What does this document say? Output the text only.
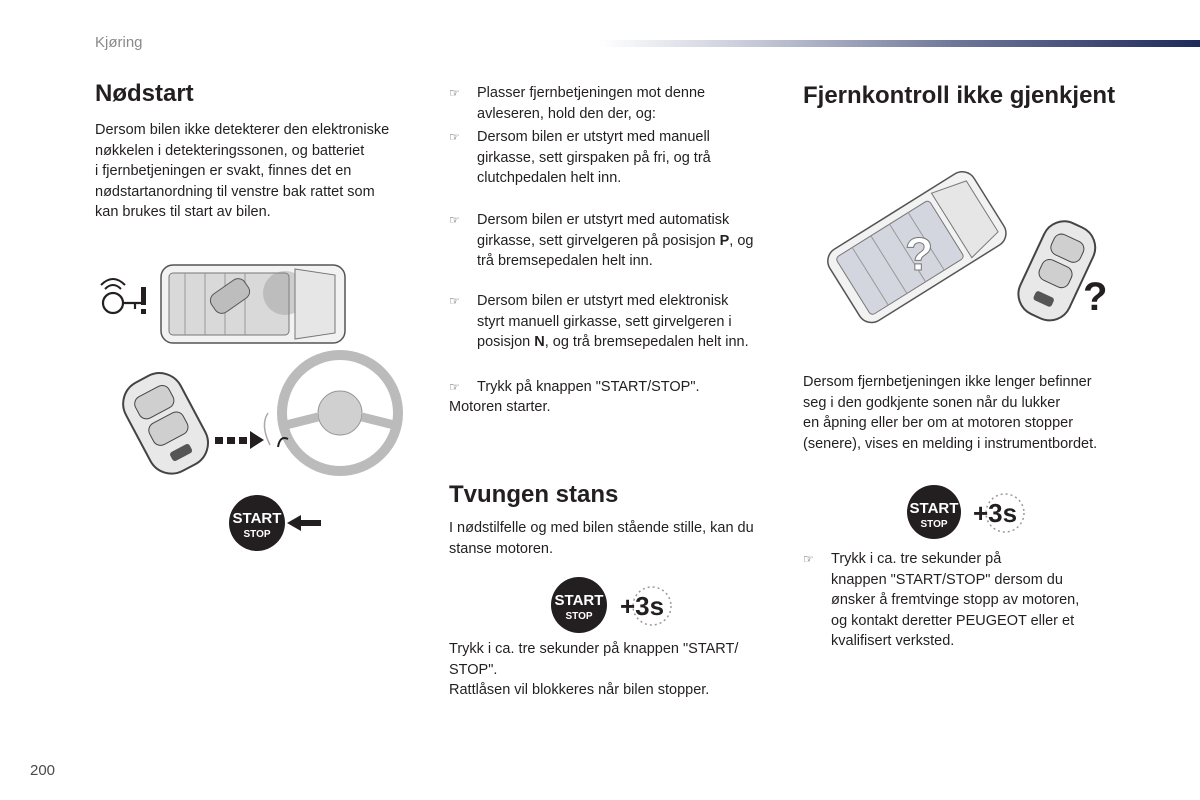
Kjøring
Nødstart
Dersom bilen ikke detekterer den elektroniske
nøkkelen i detekteringssonen, og batteriet
i fjernbetjeningen er svakt, finnes det en
nødstartanordning til venstre bak rattet som
kan brukes til start av bilen.
START
STOP
☞	Plasser fjernbetjeningen mot denne
avleseren, hold den der, og:
☞	Dersom bilen er utstyrt med manuell
girkasse, sett girspaken på fri, og trå
clutchpedalen helt inn.
☞	Dersom bilen er utstyrt med automatisk
girkasse, sett girvelgeren på posisjon P, og
trå bremsepedalen helt inn.
☞	Dersom bilen er utstyrt med elektronisk
styrt manuell girkasse, sett girvelgeren i
posisjon N, og trå bremsepedalen helt inn.
☞	Trykk på knappen "START/STOP".
Motoren starter.
Tvungen stans
I nødstilfelle og med bilen stående stille, kan du
stanse motoren.
START
STOP +3s
Trykk i ca. tre sekunder på knappen "START/
STOP".
Rattlåsen vil blokkeres når bilen stopper.
Fjernkontroll ikke gjenkjent
?
?
Dersom fjernbetjeningen ikke lenger befinner
seg i den godkjente sonen når du lukker
en åpning eller ber om at motoren stopper
(senere), vises en melding i instrumentbordet.
START
STOP +3s
☞	Trykk i ca. tre sekunder på
knappen "START/STOP" dersom du
ønsker å fremtvinge stopp av motoren,
og kontakt deretter PEUGEOT eller et
kvalifisert verksted.
200
